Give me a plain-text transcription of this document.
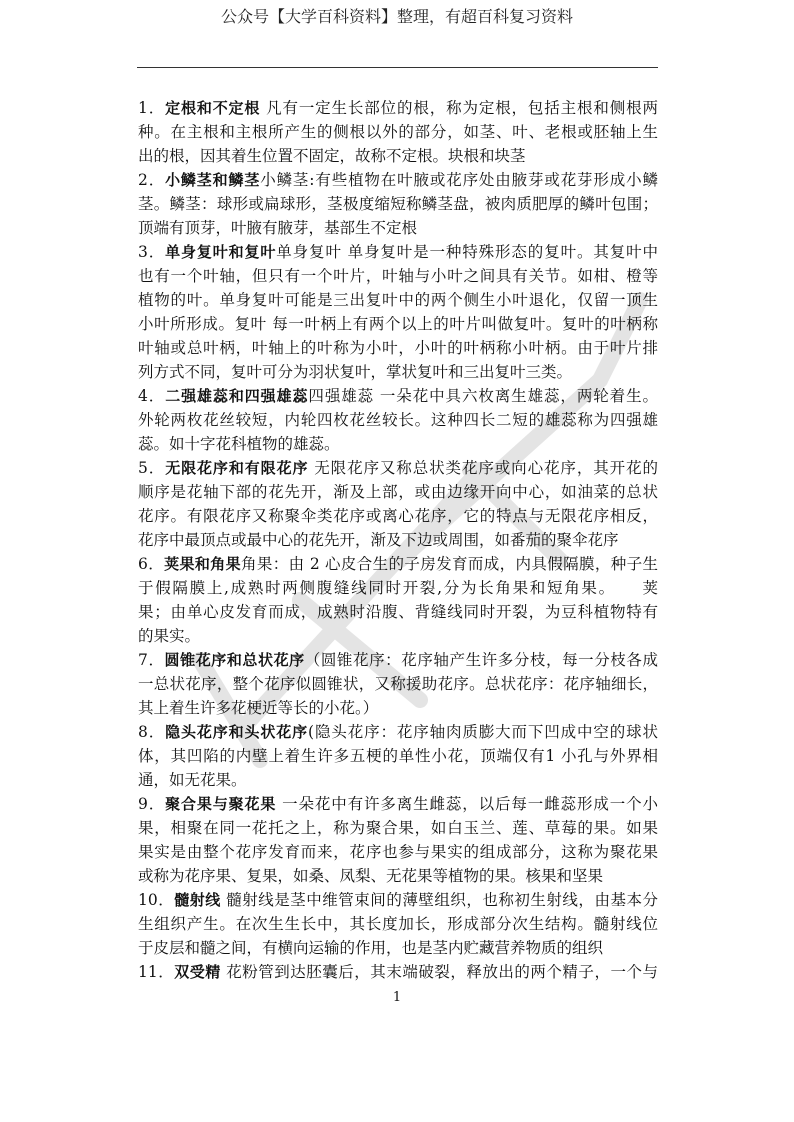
公众号【大学百科资料】整理，有超百科复习资料
1．定根和不定根 凡有一定生长部位的根，称为定根，包括主根和侧根两
种。在主根和主根所产生的侧根以外的部分，如茎、叶、老根或胚轴上生
出的根，因其着生位置不固定，故称不定根。块根和块茎
2．小鳞茎和鳞茎小鳞茎:有些植物在叶腋或花序处由腋芽或花芽形成小鳞
茎。鳞茎：球形或扁球形，茎极度缩短称鳞茎盘，被肉质肥厚的鳞叶包围；
顶端有顶芽，叶腋有腋芽，基部生不定根
3．单身复叶和复叶单身复叶 单身复叶是一种特殊形态的复叶。其复叶中
也有一个叶轴，但只有一个叶片，叶轴与小叶之间具有关节。如柑、橙等
植物的叶。单身复叶可能是三出复叶中的两个侧生小叶退化，仅留一顶生
小叶所形成。复叶 每一叶柄上有两个以上的叶片叫做复叶。复叶的叶柄称
叶轴或总叶柄，叶轴上的叶称为小叶，小叶的叶柄称小叶柄。由于叶片排
列方式不同，复叶可分为羽状复叶，掌状复叶和三出复叶三类。
4．二强雄蕊和四强雄蕊四强雄蕊 一朵花中具六枚离生雄蕊，两轮着生。
外轮两枚花丝较短，内轮四枚花丝较长。这种四长二短的雄蕊称为四强雄
蕊。如十字花科植物的雄蕊。
5．无限花序和有限花序 无限花序又称总状类花序或向心花序，其开花的
顺序是花轴下部的花先开，渐及上部，或由边缘开向中心，如油菜的总状
花序。有限花序又称聚伞类花序或离心花序，它的特点与无限花序相反，
花序中最顶点或最中心的花先开，渐及下边或周围，如番茄的聚伞花序
6．荚果和角果角果：由 2 心皮合生的子房发育而成，内具假隔膜，种子生
于假隔膜上,成熟时两侧腹缝线同时开裂,分为长角果和短角果。　　荚
果；由单心皮发育而成，成熟时沿腹、背缝线同时开裂，为豆科植物特有
的果实。
7．圆锥花序和总状花序（圆锥花序：花序轴产生许多分枝，每一分枝各成
一总状花序，整个花序似圆锥状，又称援助花序。总状花序：花序轴细长，
其上着生许多花梗近等长的小花。）
8．隐头花序和头状花序(隐头花序：花序轴肉质膨大而下凹成中空的球状
体，其凹陷的内壁上着生许多五梗的单性小花，顶端仅有1 小孔与外界相
通，如无花果。
9．聚合果与聚花果 一朵花中有许多离生雌蕊，以后每一雌蕊形成一个小
果，相聚在同一花托之上，称为聚合果，如白玉兰、莲、草莓的果。如果
果实是由整个花序发育而来，花序也参与果实的组成部分，这称为聚花果
或称为花序果、复果，如桑、凤梨、无花果等植物的果。核果和坚果
10．髓射线 髓射线是茎中维管束间的薄壁组织，也称初生射线，由基本分
生组织产生。在次生生长中，其长度加长，形成部分次生结构。髓射线位
于皮层和髓之间，有横向运输的作用，也是茎内贮藏营养物质的组织
11．双受精 花粉管到达胚囊后，其末端破裂，释放出的两个精子，一个与
1
